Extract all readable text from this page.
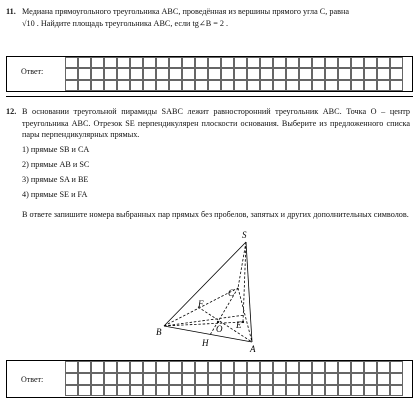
11. Медиана прямоугольного треугольника ABC, проведённая из вершины прямого угла C, равна
√10 . Найдите площадь треугольника ABC, если tg∠B = 2 .
Ответ:
12. В основании треугольной пирамиды SABC лежит равносторонний треугольник ABC. Точка O – центр треугольника ABC. Отрезок SE перпендикулярен плоскости основания. Выберите из предложенного списка пары перпендикулярных прямых.
1) прямые SB и CA
2) прямые AB и SC
3) прямые SA и BE
4) прямые SE и FA
В ответе запишите номера выбранных пар прямых без пробелов, запятых и других дополнительных символов.
S
B
C
A
H
F
O E
Ответ:
